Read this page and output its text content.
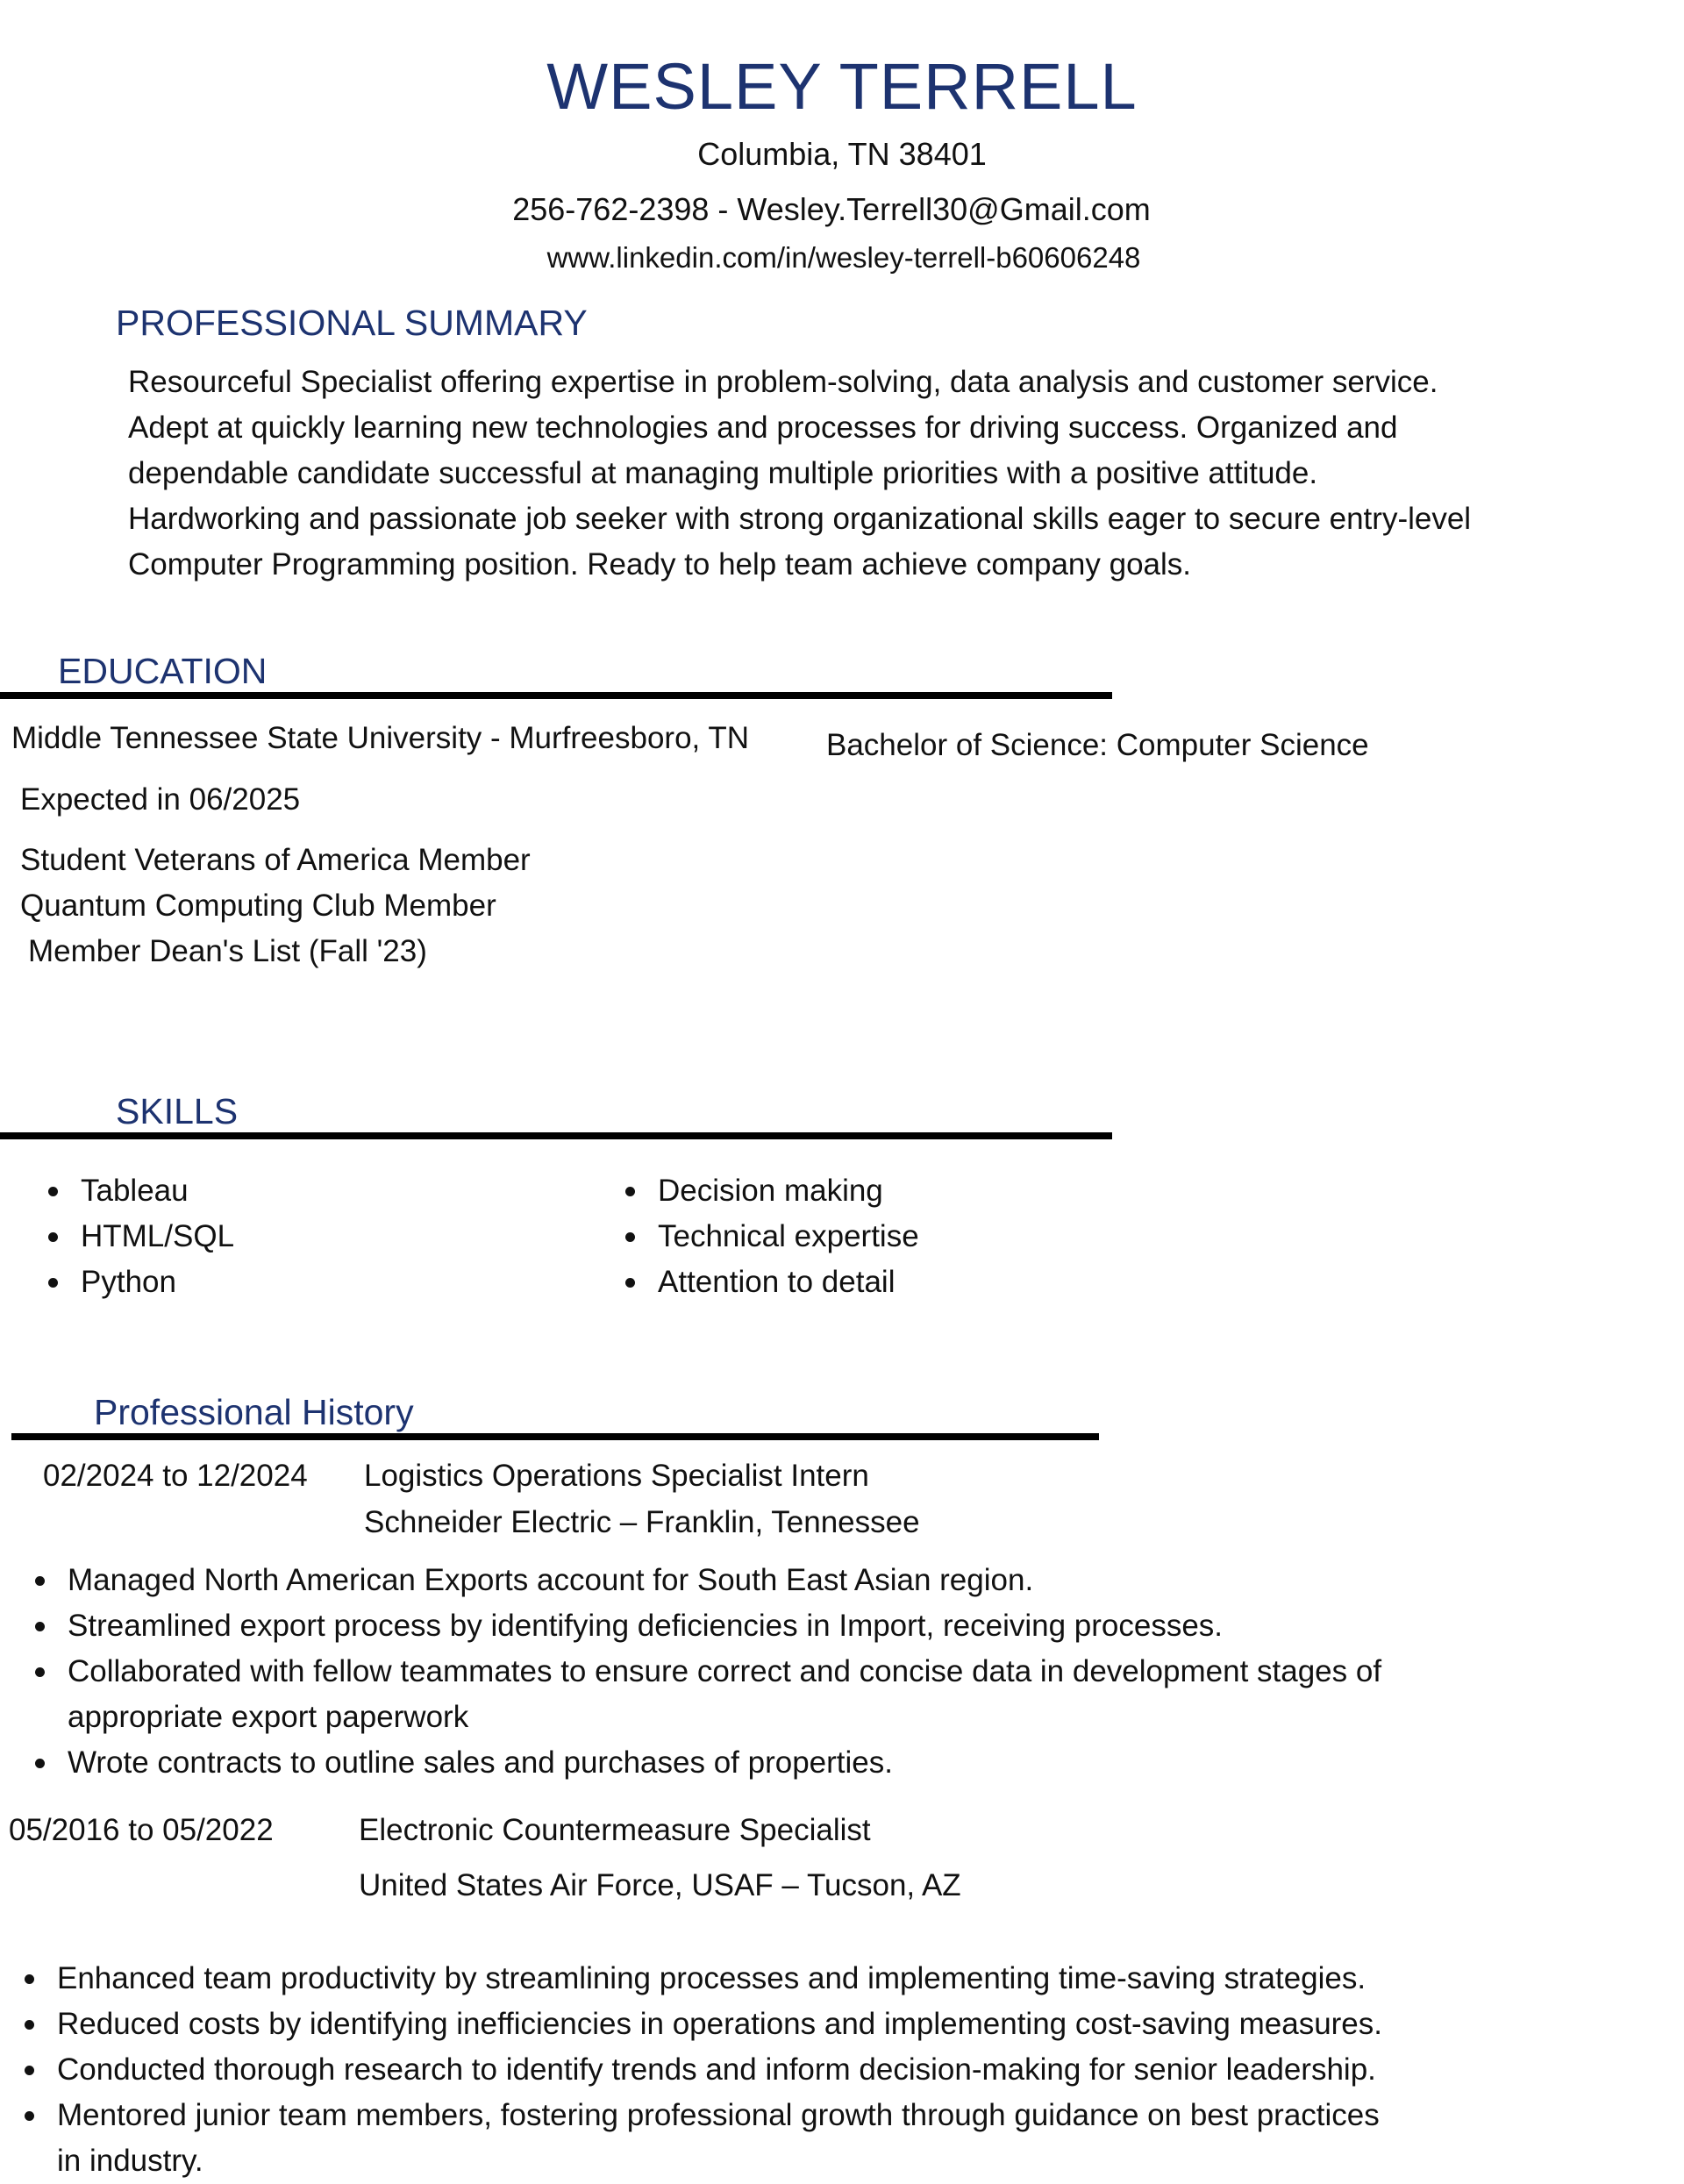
WESLEY TERRELL
Columbia, TN 38401
256-762-2398 - Wesley.Terrell30@Gmail.com
www.linkedin.com/in/wesley-terrell-b60606248
PROFESSIONAL SUMMARY

Resourceful Specialist offering expertise in problem-solving, data analysis and customer service.

Adept at quickly learning new technologies and processes for driving success. Organized and

dependable candidate successful at managing multiple priorities with a positive attitude.

Hardworking and passionate job seeker with strong organizational skills eager to secure entry-level

Computer Programming position. Ready to help team achieve company goals.

EDUCATION
Middle Tennessee State University - Murfreesboro, TN	Bachelor of Science: Computer Science
Expected in 06/2025
Student Veterans of America Member
Quantum Computing Club Member
Member Dean's List (Fall '23)
SKILLS
Tableau
HTML/SQL
Python
Decision making
Technical expertise
Attention to detail
Professional History
02/2024 to 12/2024 Logistics Operations Specialist Intern
Schneider Electric – Franklin, Tennessee
Managed North American Exports account for South East Asian region.
Streamlined export process by identifying deficiencies in Import, receiving processes.
Collaborated with fellow teammates to ensure correct and concise data in development stages of
appropriate export paperwork
Wrote contracts to outline sales and purchases of properties.
05/2016 to 05/2022	Electronic Countermeasure Specialist
United States Air Force, USAF – Tucson, AZ
Enhanced team productivity by streamlining processes and implementing time-saving strategies.
Reduced costs by identifying inefficiencies in operations and implementing cost-saving measures.
Conducted thorough research to identify trends and inform decision-making for senior leadership.
Mentored junior team members, fostering professional growth through guidance on best practices
in industry.
